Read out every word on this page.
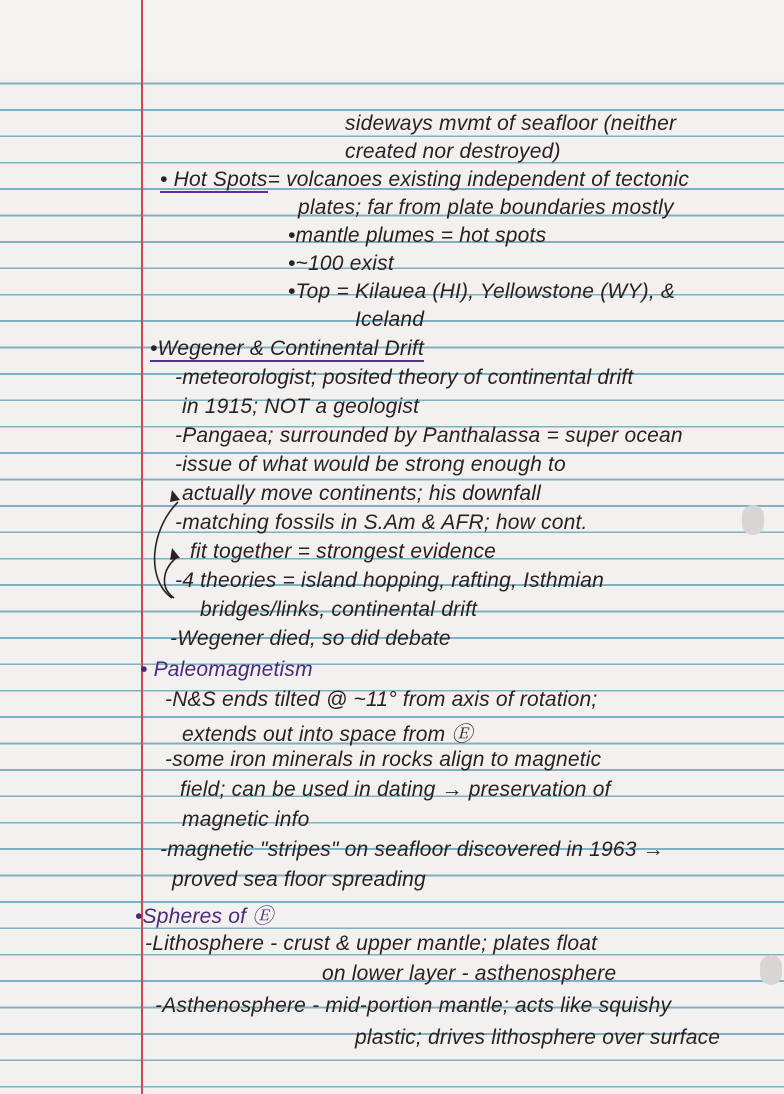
sideways mvmt of seafloor (neither
created nor destroyed)
• Hot Spots= volcanoes existing independent of tectonic
plates; far from plate boundaries mostly
•mantle plumes = hot spots
•~100 exist
•Top = Kilauea (HI), Yellowstone (WY), &
Iceland
•Wegener & Continental Drift
-meteorologist; posited theory of continental drift
in 1915; NOT a geologist
-Pangaea; surrounded by Panthalassa = super ocean
-issue of what would be strong enough to
actually move continents; his downfall
-matching fossils in S.Am & AFR; how cont.
fit together = strongest evidence
-4 theories = island hopping, rafting, Isthmian
bridges/links, continental drift
-Wegener died, so did debate
• Paleomagnetism
-N&S ends tilted @ ~11° from axis of rotation;
extends out into space from Ⓔ
-some iron minerals in rocks align to magnetic
field; can be used in dating → preservation of
magnetic info
-magnetic "stripes" on seafloor discovered in 1963 →
proved sea floor spreading
•Spheres of Ⓔ
-Lithosphere - crust & upper mantle; plates float
on lower layer - asthenosphere
-Asthenosphere - mid-portion mantle; acts like squishy
plastic; drives lithosphere over surface
